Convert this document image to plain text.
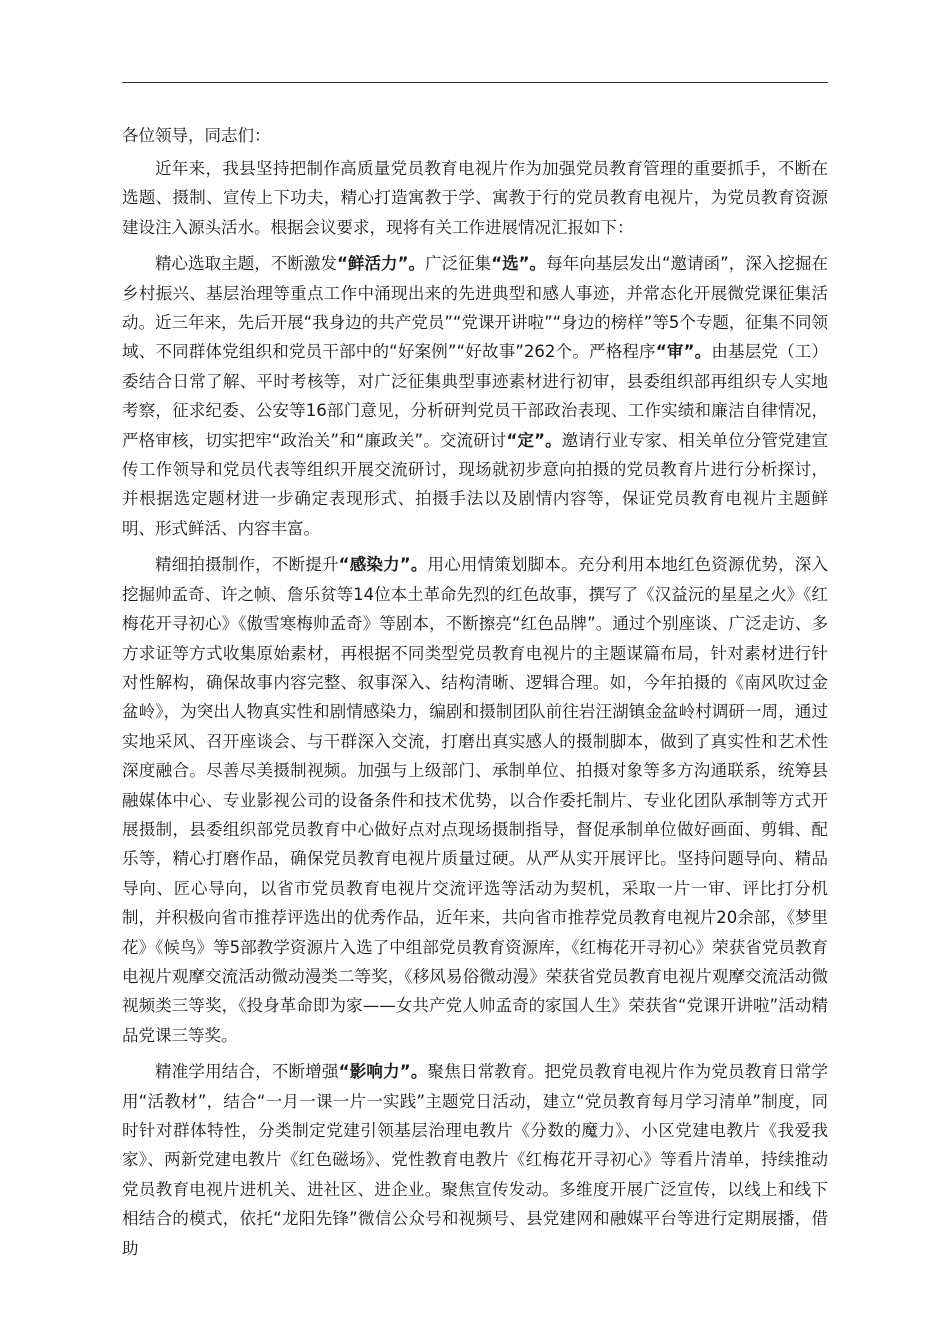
各位领导，同志们：

近年来，我县坚持把制作高质量党员教育电视片作为加强党员教育管理的重要抓手，不断在选题、摄制、宣传上下功夫，精心打造寓教于学、寓教于行的党员教育电视片，为党员教育资源建设注入源头活水。根据会议要求，现将有关工作进展情况汇报如下：

精心选取主题，不断激发“鲜活力”。广泛征集“选”。每年向基层发出“邀请函”，深入挖掘在乡村振兴、基层治理等重点工作中涌现出来的先进典型和感人事迹，并常态化开展微党课征集活动。近三年来，先后开展“我身边的共产党员”“党课开讲啦”“身边的榜样”等5个专题，征集不同领域、不同群体党组织和党员干部中的“好案例”“好故事”262个。严格程序“审”。由基层党（工）委结合日常了解、平时考核等，对广泛征集典型事迹素材进行初审，县委组织部再组织专人实地考察，征求纪委、公安等16部门意见，分析研判党员干部政治表现、工作实绩和廉洁自律情况，严格审核，切实把牢“政治关”和“廉政关”。交流研讨“定”。邀请行业专家、相关单位分管党建宣传工作领导和党员代表等组织开展交流研讨，现场就初步意向拍摄的党员教育片进行分析探讨，并根据选定题材进一步确定表现形式、拍摄手法以及剧情内容等，保证党员教育电视片主题鲜明、形式鲜活、内容丰富。

精细拍摄制作，不断提升“感染力”。用心用情策划脚本。充分利用本地红色资源优势，深入挖掘帅孟奇、许之帧、詹乐贫等14位本土革命先烈的红色故事，撰写了《汉益沅的星星之火》《红梅花开寻初心》《傲雪寒梅帅孟奇》等剧本，不断擦亮“红色品牌”。通过个别座谈、广泛走访、多方求证等方式收集原始素材，再根据不同类型党员教育电视片的主题谋篇布局，针对素材进行针对性解构，确保故事内容完整、叙事深入、结构清晰、逻辑合理。如，今年拍摄的《南风吹过金盆岭》，为突出人物真实性和剧情感染力，编剧和摄制团队前往岩汪湖镇金盆岭村调研一周，通过实地采风、召开座谈会、与干群深入交流，打磨出真实感人的摄制脚本，做到了真实性和艺术性深度融合。尽善尽美摄制视频。加强与上级部门、承制单位、拍摄对象等多方沟通联系，统筹县融媒体中心、专业影视公司的设备条件和技术优势，以合作委托制片、专业化团队承制等方式开展摄制，县委组织部党员教育中心做好点对点现场摄制指导，督促承制单位做好画面、剪辑、配乐等，精心打磨作品，确保党员教育电视片质量过硬。从严从实开展评比。坚持问题导向、精品导向、匠心导向，以省市党员教育电视片交流评选等活动为契机，采取一片一审、评比打分机制，并积极向省市推荐评选出的优秀作品，近年来，共向省市推荐党员教育电视片20余部，《梦里花》《候鸟》等5部教学资源片入选了中组部党员教育资源库，《红梅花开寻初心》荣获省党员教育电视片观摩交流活动微动漫类二等奖，《移风易俗微动漫》荣获省党员教育电视片观摩交流活动微视频类三等奖，《投身革命即为家——女共产党人帅孟奇的家国人生》荣获省“党课开讲啦”活动精品党课三等奖。

精准学用结合，不断增强“影响力”。聚焦日常教育。把党员教育电视片作为党员教育日常学用“活教材”，结合“一月一课一片一实践”主题党日活动，建立“党员教育每月学习清单”制度，同时针对群体特性，分类制定党建引领基层治理电教片《分数的魔力》、小区党建电教片《我爱我家》、两新党建电教片《红色磁场》、党性教育电教片《红梅花开寻初心》等看片清单，持续推动党员教育电视片进机关、进社区、进企业。聚焦宣传发动。多维度开展广泛宣传，以线上和线下相结合的模式，依托“龙阳先锋”微信公众号和视频号、县党建网和融媒平台等进行定期展播，借助
